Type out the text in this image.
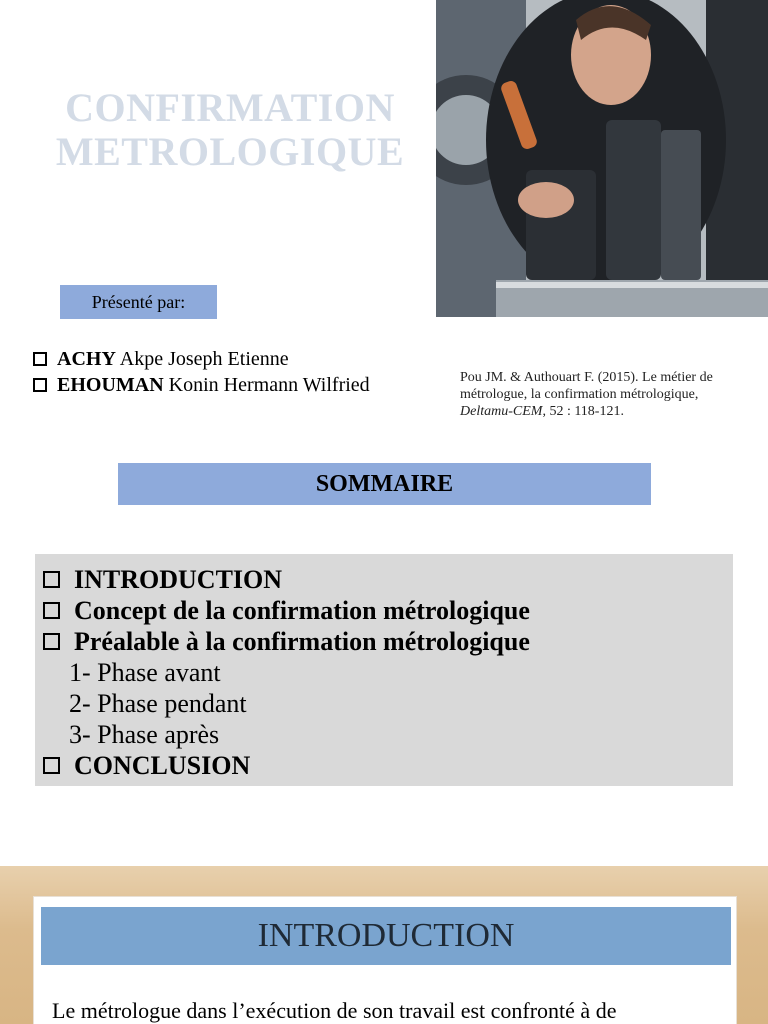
CONFIRMATION
METROLOGIQUE
Présenté par:
ACHY Akpe Joseph Etienne
EHOUMAN Konin Hermann Wilfried	Pou JM. & Authouart F. (2015). Le métier de
métrologue, la confirmation métrologique,
Deltamu-CEM, 52 : 118-121.
SOMMAIRE
INTRODUCTION
Concept de la confirmation métrologique
Préalable à la confirmation métrologique
1- Phase avant
2- Phase pendant
3- Phase après
CONCLUSION
INTRODUCTION
Le métrologue dans l’exécution de son travail est confronté à de
